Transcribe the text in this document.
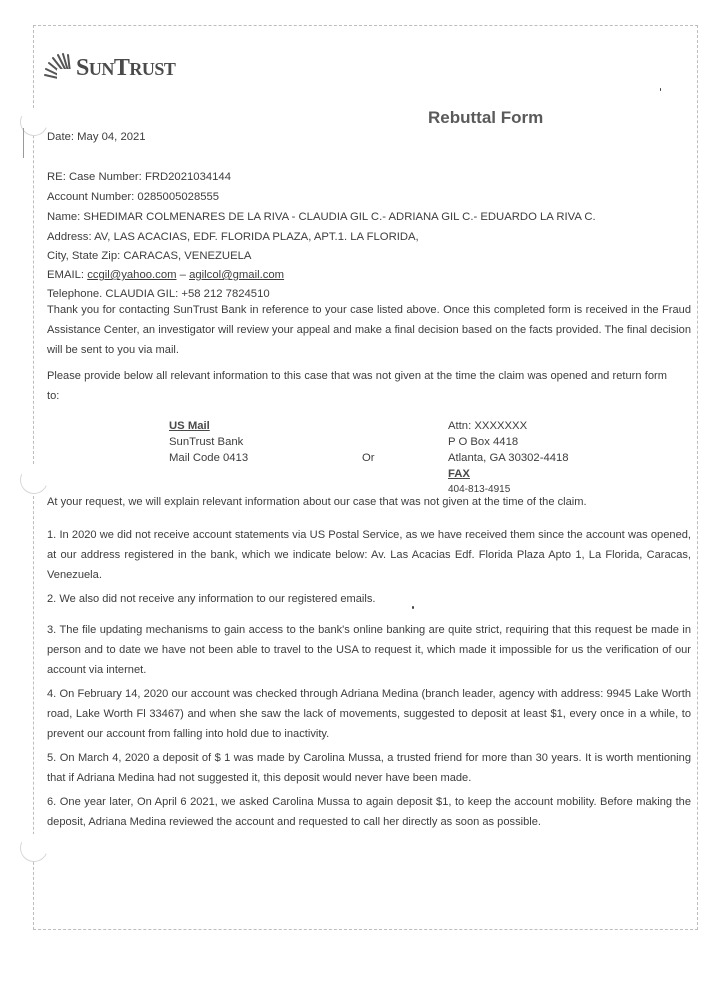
SUNTRUST
Rebuttal Form
Date: May 04, 2021
RE: Case Number: FRD2021034144
Account Number: 0285005028555
Name: SHEDIMAR COLMENARES DE LA RIVA - CLAUDIA GIL C.- ADRIANA GIL C.- EDUARDO LA RIVA C.
Address: AV, LAS ACACIAS, EDF. FLORIDA PLAZA, APT.1. LA FLORIDA,
City, State Zip: CARACAS, VENEZUELA
EMAIL: ccgil@yahoo.com – agilcol@gmail.com
Telephone. CLAUDIA GIL: +58 212 7824510
Thank you for contacting SunTrust Bank in reference to your case listed above. Once this completed form is received in the Fraud Assistance Center, an investigator will review your appeal and make a final decision based on the facts provided. The final decision will be sent to you via mail.
Please provide below all relevant information to this case that was not given at the time the claim was opened and return form to:
US Mail
SunTrust Bank
Mail Code 0413	Or
Attn: XXXXXXX
P O Box 4418
Atlanta, GA 30302-4418
FAX
404-813-4915
At your request, we will explain relevant information about our case that was not given at the time of the claim.
1. In 2020 we did not receive account statements via US Postal Service, as we have received them since the account was opened, at our address registered in the bank, which we indicate below: Av. Las Acacias Edf. Florida Plaza Apto 1, La Florida, Caracas, Venezuela.
2. We also did not receive any information to our registered emails.
3. The file updating mechanisms to gain access to the bank's online banking are quite strict, requiring that this request be made in person and to date we have not been able to travel to the USA to request it, which made it impossible for us the verification of our account via internet.
4. On February 14, 2020 our account was checked through Adriana Medina (branch leader, agency with address: 9945 Lake Worth road, Lake Worth Fl 33467) and when she saw the lack of movements, suggested to deposit at least $1, every once in a while, to prevent our account from falling into hold due to inactivity.
5. On March 4, 2020 a deposit of $ 1 was made by Carolina Mussa, a trusted friend for more than 30 years. It is worth mentioning that if Adriana Medina had not suggested it, this deposit would never have been made.
6. One year later, On April 6 2021, we asked Carolina Mussa to again deposit $1, to keep the account mobility. Before making the deposit, Adriana Medina reviewed the account and requested to call her directly as soon as possible.
